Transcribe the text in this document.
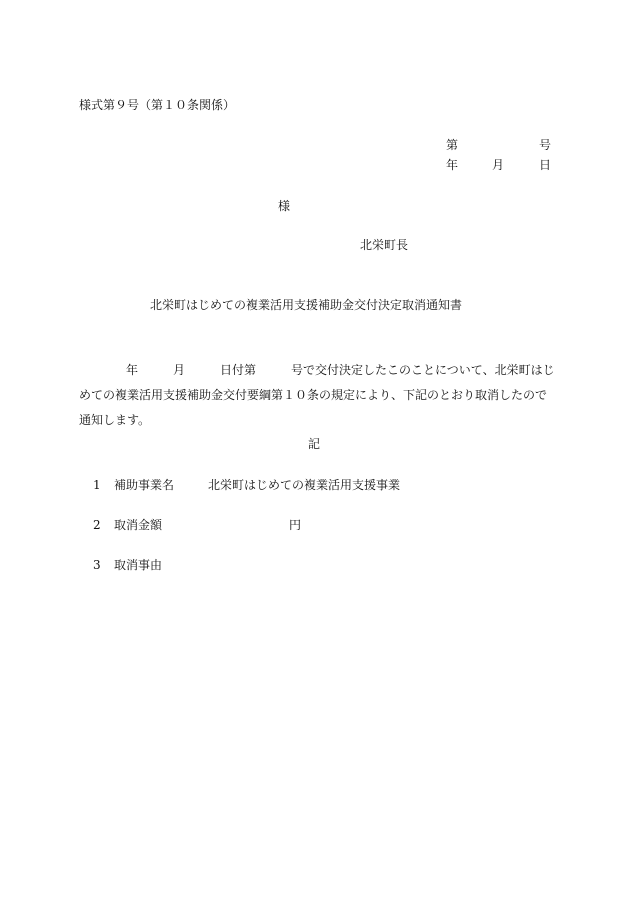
様式第９号（第１０条関係）
第	号
年	月	日
様
北栄町長
北栄町はじめての複業活用支援補助金交付決定取消通知書
年	月	日付第	号で交付決定したこのことについて、北栄町はじめての複業活用支援補助金交付要綱第１０条の規定により、下記のとおり取消したので通知します。
記
1 補助事業名	北栄町はじめての複業活用支援事業
2 取消金額	円
3 取消事由
